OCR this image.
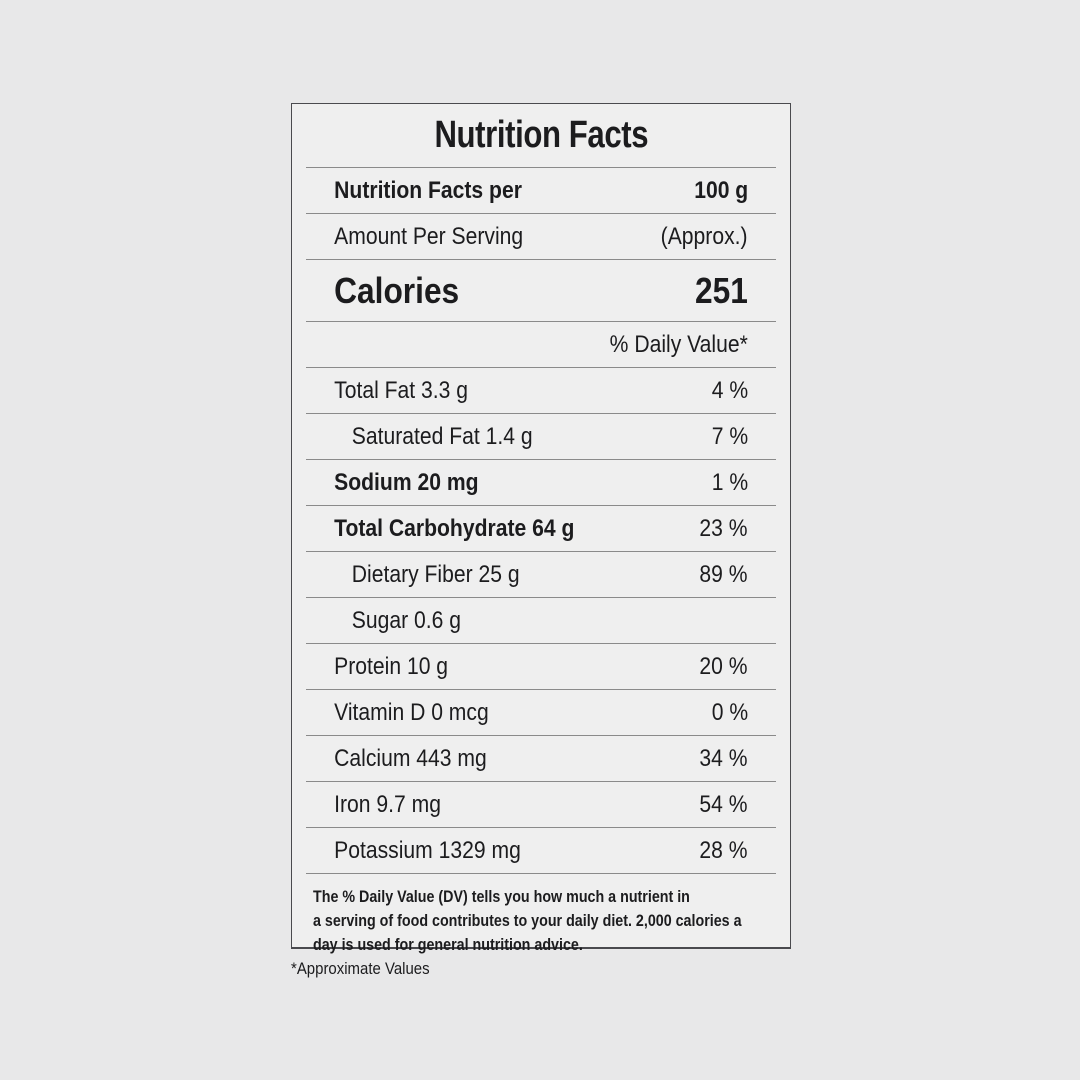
Nutrition Facts
Nutrition Facts per	100 g
Amount Per Serving	(Approx.)
Calories	251
% Daily Value*
Total Fat 3.3 g	4 %
Saturated Fat 1.4 g	7 %
Sodium 20 mg	1 %
Total Carbohydrate 64 g	23 %
Dietary Fiber 25 g	89 %
Sugar 0.6 g
Protein 10 g	20 %
Vitamin D 0 mcg	0 %
Calcium 443 mg	34 %
Iron 9.7 mg	54 %
Potassium 1329 mg	28 %
The % Daily Value (DV) tells you how much a nutrient in
a serving of food contributes to your daily diet. 2,000 calories a
day is used for general nutrition advice.
*Approximate Values
